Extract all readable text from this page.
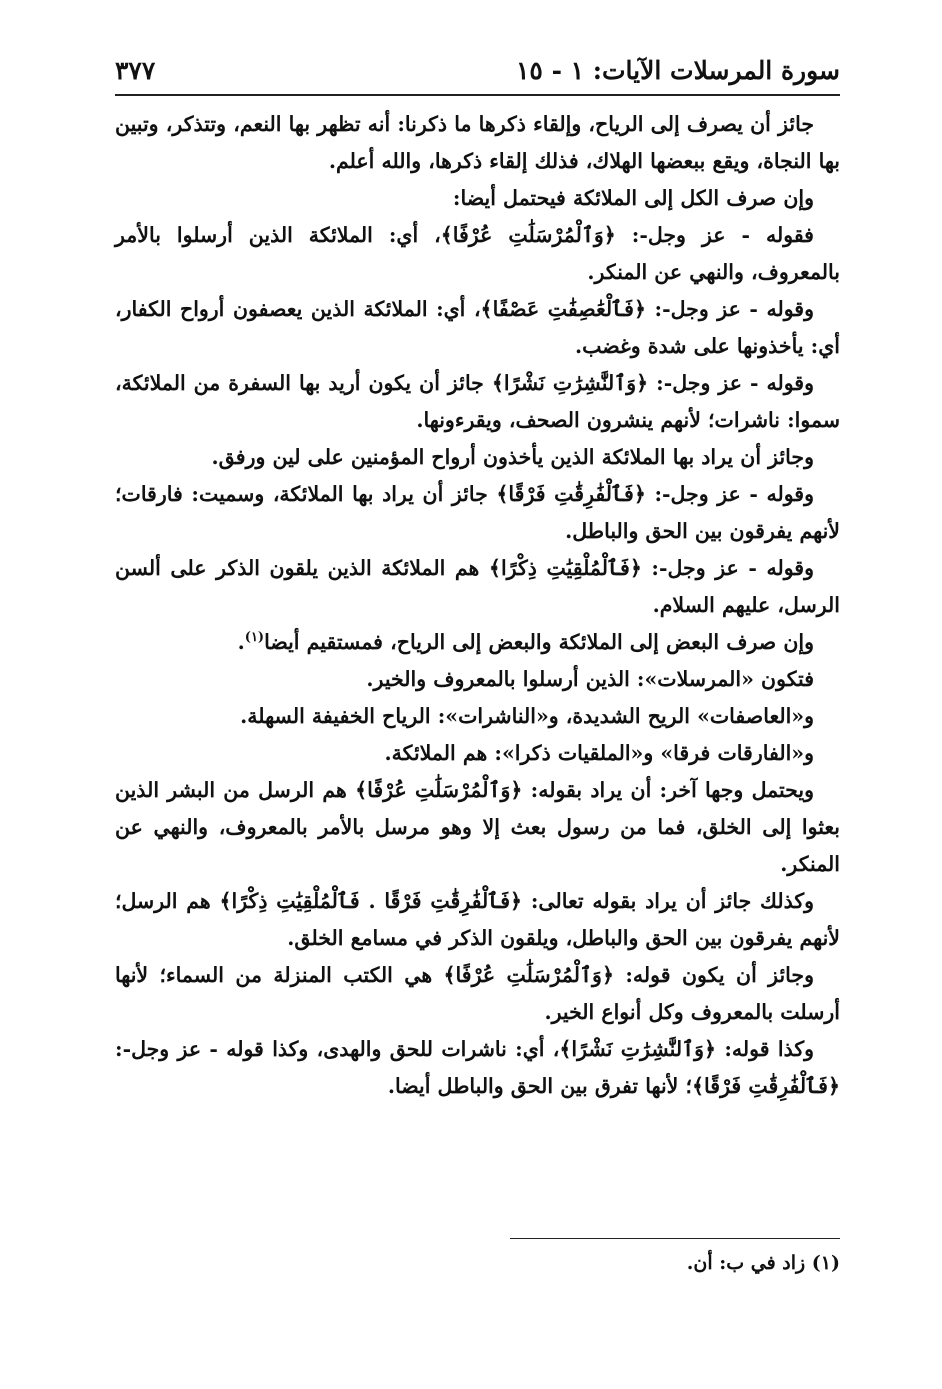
سورة المرسلات الآيات: ١ - ١٥
٣٧٧

جائز أن يصرف إلى الرياح، وإلقاء ذكرها ما ذكرنا: أنه تظهر بها النعم، وتتذكر، وتبين بها النجاة، ويقع ببعضها الهلاك، فذلك إلقاء ذكرها، والله أعلم.

وإن صرف الكل إلى الملائكة فيحتمل أيضا:

فقوله - عز وجل-: ﴿وَٱلْمُرْسَلَٰتِ عُرْفًا﴾، أي: الملائكة الذين أرسلوا بالأمر بالمعروف، والنهي عن المنكر.

وقوله - عز وجل-: ﴿فَٱلْعَٰصِفَٰتِ عَصْفًا﴾، أي: الملائكة الذين يعصفون أرواح الكفار، أي: يأخذونها على شدة وغضب.

وقوله - عز وجل-: ﴿وَٱلنَّٰشِرَٰتِ نَشْرًا﴾ جائز أن يكون أريد بها السفرة من الملائكة، سموا: ناشرات؛ لأنهم ينشرون الصحف، ويقرءونها.

وجائز أن يراد بها الملائكة الذين يأخذون أرواح المؤمنين على لين ورفق.

وقوله - عز وجل-: ﴿فَٱلْفَٰرِقَٰتِ فَرْقًا﴾ جائز أن يراد بها الملائكة، وسميت: فارقات؛ لأنهم يفرقون بين الحق والباطل.

وقوله - عز وجل-: ﴿فَٱلْمُلْقِيَٰتِ ذِكْرًا﴾ هم الملائكة الذين يلقون الذكر على ألسن الرسل، عليهم السلام.

وإن صرف البعض إلى الملائكة والبعض إلى الرياح، فمستقيم أيضا$^{(١)}$.

فتكون «المرسلات»: الذين أرسلوا بالمعروف والخير.

و«العاصفات» الريح الشديدة، و«الناشرات»: الرياح الخفيفة السهلة.

و«الفارقات فرقا» و«الملقيات ذكرا»: هم الملائكة.

ويحتمل وجها آخر: أن يراد بقوله: ﴿وَٱلْمُرْسَلَٰتِ عُرْفًا﴾ هم الرسل من البشر الذين بعثوا إلى الخلق، فما من رسول بعث إلا وهو مرسل بالأمر بالمعروف، والنهي عن المنكر.

وكذلك جائز أن يراد بقوله تعالى: ﴿فَٱلْفَٰرِقَٰتِ فَرْقًا . فَٱلْمُلْقِيَٰتِ ذِكْرًا﴾ هم الرسل؛ لأنهم يفرقون بين الحق والباطل، ويلقون الذكر في مسامع الخلق.

وجائز أن يكون قوله: ﴿وَٱلْمُرْسَلَٰتِ عُرْفًا﴾ هي الكتب المنزلة من السماء؛ لأنها أرسلت بالمعروف وكل أنواع الخير.

وكذا قوله: ﴿وَٱلنَّٰشِرَٰتِ نَشْرًا﴾، أي: ناشرات للحق والهدى، وكذا قوله - عز وجل-: ﴿فَٱلْفَٰرِقَٰتِ فَرْقًا﴾؛ لأنها تفرق بين الحق والباطل أيضا.

(١) زاد في ب: أن.
